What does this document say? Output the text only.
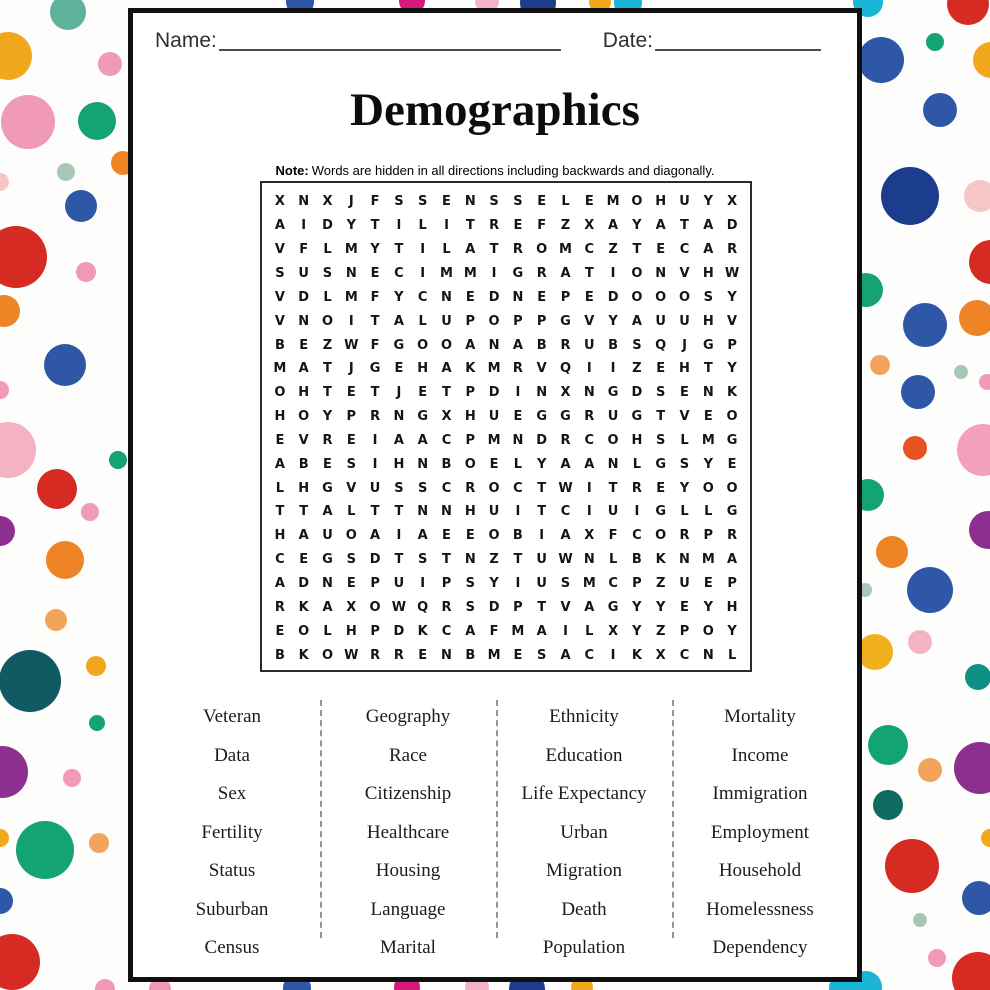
Name:	Date:
Demographics

Note: Words are hidden in all directions including backwards and diagonally.

X	N	X	J	F	S	S	E	N	S	S	E	L	E M O H	U	Y	X
A	I	D	Y	T	I	L	I	T	R	E	F	Z	X	A	Y	A	T	A	D
V	F	L	M Y	T	I	L	A	T	R	O M C	Z	T	E	C	A	R
S	U	S	N	E	C	I	M M	I	G	R	A	T	I	O N	V	H W
V	D	L	M F	Y	C	N	E	D N	E	P	E	D O O O	S	Y
V	N O	I	T	A	L	U	P	O	P	P	G	V	Y	A	U	U	H	V
B	E	Z W F	G O O	A	N	A	B	R	U	B	S	Q	J	G	P
M A	T	J	G	E	H	A	K M R	V	Q	I	I	Z	E	H	T	Y
O H	T	E	T	J	E	T	P	D	I	N	X	N	G	D	S	E	N	K
H O	Y	P	R	N	G	X	H	U	E	G	G	R	U	G	T	V	E	O
E	V	R	E	I	A	A	C	P M N D	R	C	O H	S	L	M G
A	B	E	S	I	H N	B	O	E	L	Y	A	A	N	L	G	S	Y	E
L	H	G	V	U	S	S	C	R	O	C	T W	I	T	R	E	Y	O O
T	T	A	L	T	T	N N H	U	I	T	C	I	U	I	G	L	L	G
H	A	U O	A	I	A	E	E	O	B	I	A	X	F	C	O	R	P	R
C	E	G	S	D	T	S	T	N	Z	T	U W N	L	B	K	N M A
A	D N	E	P	U	I	P	S	Y	I	U	S M C	P	Z	U	E	P
R	K	A	X	O W Q	R	S	D	P	T	V	A	G	Y	Y	E	Y	H
E	O	L	H	P	D	K	C	A	F M A	I	L	X	Y	Z	P	O	Y
B	K	O W R	R	E	N	B M E	S	A	C	I	K	X	C	N	L
Veteran
Data
Sex
Fertility
Status
Suburban
Census
Geography
Race
Citizenship
Healthcare
Housing
Language
Marital
Ethnicity
Education
Life Expectancy
Urban
Migration
Death
Population
Mortality
Income
Immigration
Employment
Household
Homelessness
Dependency
